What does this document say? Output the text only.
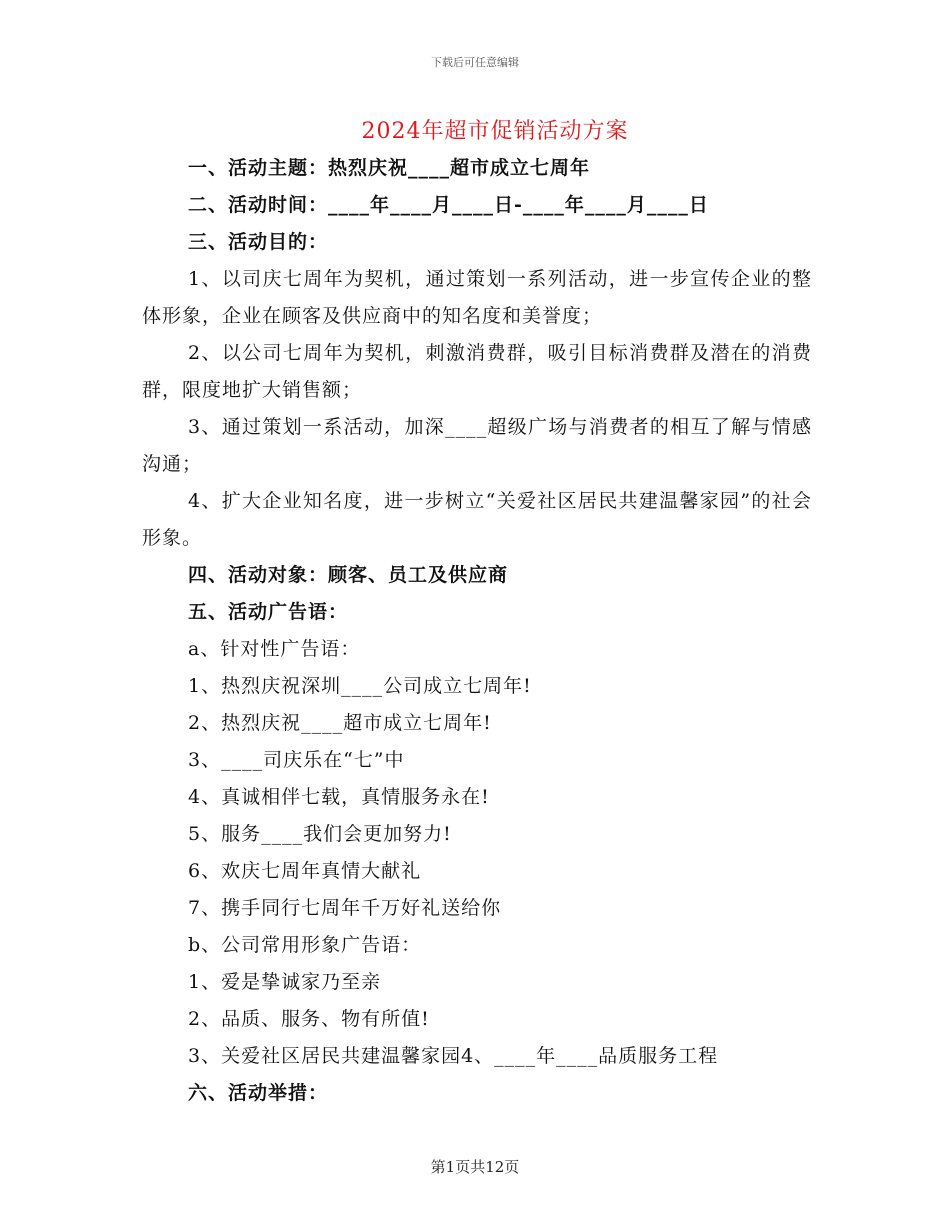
下载后可任意编辑
2024年超市促销活动方案

一、活动主题：热烈庆祝____超市成立七周年

二、活动时间：____年____月____日-____年____月____日

三、活动目的：

1、以司庆七周年为契机，通过策划一系列活动，进一步宣传企业的整体形象，企业在顾客及供应商中的知名度和美誉度；

2、以公司七周年为契机，刺激消费群，吸引目标消费群及潜在的消费群，限度地扩大销售额；

3、通过策划一系活动，加深____超级广场与消费者的相互了解与情感沟通；

4、扩大企业知名度，进一步树立“关爱社区居民共建温馨家园”的社会形象。

四、活动对象：顾客、员工及供应商

五、活动广告语：

a、针对性广告语：

1、热烈庆祝深圳____公司成立七周年!

2、热烈庆祝____超市成立七周年!

3、____司庆乐在“七”中

4、真诚相伴七载，真情服务永在!

5、服务____我们会更加努力!

6、欢庆七周年真情大献礼

7、携手同行七周年千万好礼送给你

b、公司常用形象广告语：

1、爱是挚诚家乃至亲

2、品质、服务、物有所值!

3、关爱社区居民共建温馨家园4、____年____品质服务工程

六、活动举措：

第1页共12页
